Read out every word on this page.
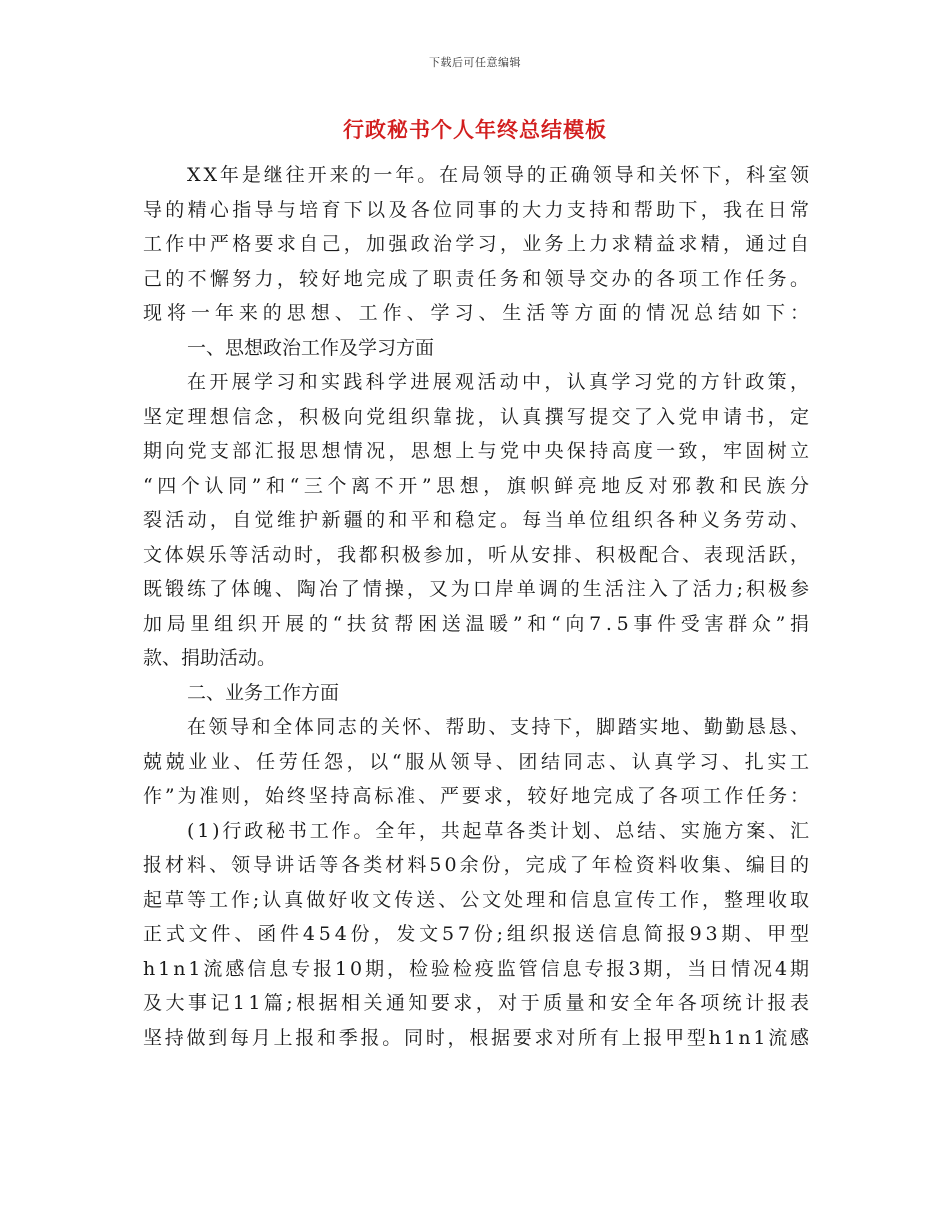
下载后可任意编辑
行政秘书个人年终总结模板
XX年是继往开来的一年。在局领导的正确领导和关怀下，科室领
导的精心指导与培育下以及各位同事的大力支持和帮助下，我在日常
工作中严格要求自己，加强政治学习，业务上力求精益求精，通过自
己的不懈努力，较好地完成了职责任务和领导交办的各项工作任务。
现将一年来的思想、工作、学习、生活等方面的情况总结如下：
一、思想政治工作及学习方面
在开展学习和实践科学进展观活动中，认真学习党的方针政策，
坚定理想信念，积极向党组织靠拢，认真撰写提交了入党申请书，定
期向党支部汇报思想情况，思想上与党中央保持高度一致，牢固树立
“四个认同”和“三个离不开”思想，旗帜鲜亮地反对邪教和民族分
裂活动，自觉维护新疆的和平和稳定。每当单位组织各种义务劳动、
文体娱乐等活动时，我都积极参加，听从安排、积极配合、表现活跃，
既锻练了体魄、陶冶了情操，又为口岸单调的生活注入了活力;积极参
加局里组织开展的“扶贫帮困送温暖”和“向7.5事件受害群众”捐
款、捐助活动。
二、业务工作方面
在领导和全体同志的关怀、帮助、支持下，脚踏实地、勤勤恳恳、
兢兢业业、任劳任怨，以“服从领导、团结同志、认真学习、扎实工
作”为准则，始终坚持高标准、严要求，较好地完成了各项工作任务：
(1)行政秘书工作。全年，共起草各类计划、总结、实施方案、汇
报材料、领导讲话等各类材料50余份，完成了年检资料收集、编目的
起草等工作;认真做好收文传送、公文处理和信息宣传工作，整理收取
正式文件、函件454份，发文57份;组织报送信息简报93期、甲型
h1n1流感信息专报10期，检验检疫监管信息专报3期，当日情况4期
及大事记11篇;根据相关通知要求，对于质量和安全年各项统计报表
坚持做到每月上报和季报。同时，根据要求对所有上报甲型h1n1流感
